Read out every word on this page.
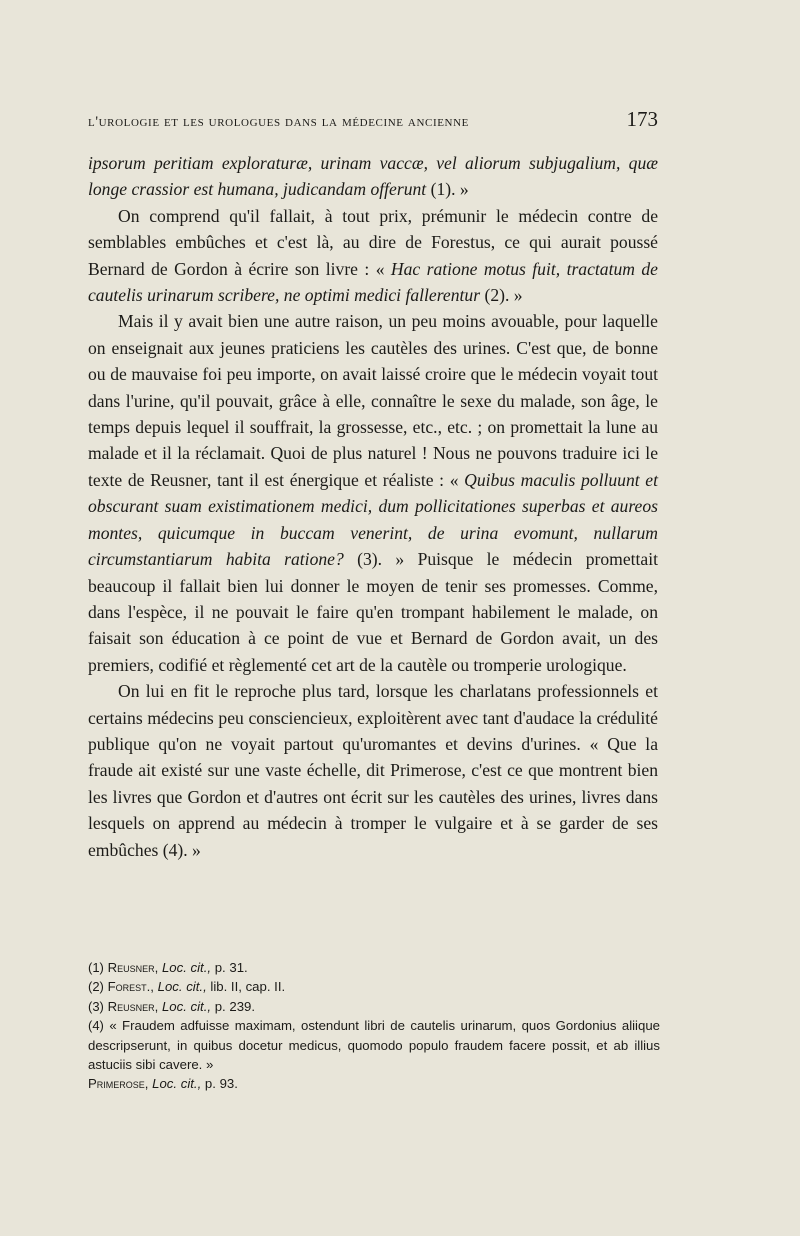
l'urologie et les urologues dans la médecine ancienne	173

ipsorum peritiam exploraturæ, urinam vaccæ, vel aliorum subjugalium, quæ longe crassior est humana, judicandam offerunt (1). »

On comprend qu'il fallait, à tout prix, prémunir le médecin contre de semblables embûches et c'est là, au dire de Forestus, ce qui aurait poussé Bernard de Gordon à écrire son livre : « Hac ratione motus fuit, tractatum de cautelis urinarum scribere, ne optimi medici fallerentur (2). »

Mais il y avait bien une autre raison, un peu moins avouable, pour laquelle on enseignait aux jeunes praticiens les cautèles des urines. C'est que, de bonne ou de mauvaise foi peu importe, on avait laissé croire que le médecin voyait tout dans l'urine, qu'il pouvait, grâce à elle, connaître le sexe du malade, son âge, le temps depuis lequel il souffrait, la grossesse, etc., etc. ; on promettait la lune au malade et il la réclamait. Quoi de plus naturel ! Nous ne pouvons traduire ici le texte de Reusner, tant il est énergique et réaliste : « Quibus maculis polluunt et obscurant suam existimationem medici, dum pollicitationes superbas et aureos montes, quicumque in buccam venerint, de urina evomunt, nullarum circumstantiarum habita ratione? (3). » Puisque le médecin promettait beaucoup il fallait bien lui donner le moyen de tenir ses promesses. Comme, dans l'espèce, il ne pouvait le faire qu'en trompant habilement le malade, on faisait son éducation à ce point de vue et Bernard de Gordon avait, un des premiers, codifié et règlementé cet art de la cautèle ou tromperie urologique.

On lui en fit le reproche plus tard, lorsque les charlatans professionnels et certains médecins peu consciencieux, exploitèrent avec tant d'audace la crédulité publique qu'on ne voyait partout qu'uromantes et devins d'urines. « Que la fraude ait existé sur une vaste échelle, dit Primerose, c'est ce que montrent bien les livres que Gordon et d'autres ont écrit sur les cautèles des urines, livres dans lesquels on apprend au médecin à tromper le vulgaire et à se garder de ses embûches (4). »

(1) Reusner, Loc. cit., p. 31.
(2) Forest., Loc. cit., lib. II, cap. II.
(3) Reusner, Loc. cit., p. 239.
(4) « Fraudem adfuisse maximam, ostendunt libri de cautelis urinarum, quos Gordonius aliique descripserunt, in quibus docetur medicus, quomodo populo fraudem facere possit, et ab illius astuciis sibi cavere. »
Primerose, Loc. cit., p. 93.
